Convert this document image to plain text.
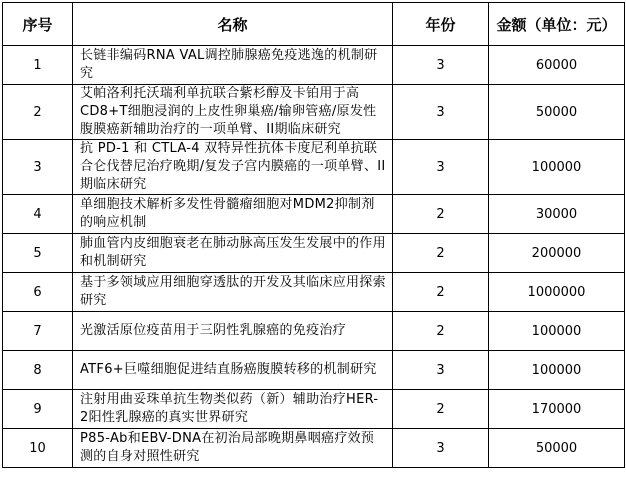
序号	名称	年份	金额（单位：元）
1	长链非编码RNA VAL调控肺腺癌免疫逃逸的机制研究	3	60000
2	艾帕洛利托沃瑞利单抗联合紫杉醇及卡铂用于高CD8+T细胞浸润的上皮性卵巢癌/输卵管癌/原发性腹膜癌新辅助治疗的一项单臂、II期临床研究	3	50000
3	抗 PD-1 和 CTLA-4 双特异性抗体卡度尼利单抗联合仑伐替尼治疗晚期/复发子宫内膜癌的一项单臂、II期临床研究	3	100000
4	单细胞技术解析多发性骨髓瘤细胞对MDM2抑制剂的响应机制	2	30000
5	肺血管内皮细胞衰老在肺动脉高压发生发展中的作用和机制研究	2	200000
6	基于多领域应用细胞穿透肽的开发及其临床应用探索研究	2	1000000
7	光激活原位疫苗用于三阴性乳腺癌的免疫治疗	2	100000
8	ATF6+巨噬细胞促进结直肠癌腹膜转移的机制研究	3	100000
9	注射用曲妥珠单抗生物类似药（新）辅助治疗HER-2阳性乳腺癌的真实世界研究	2	170000
10	P85-Ab和EBV-DNA在初治局部晚期鼻咽癌疗效预测的自身对照性研究	3	50000
